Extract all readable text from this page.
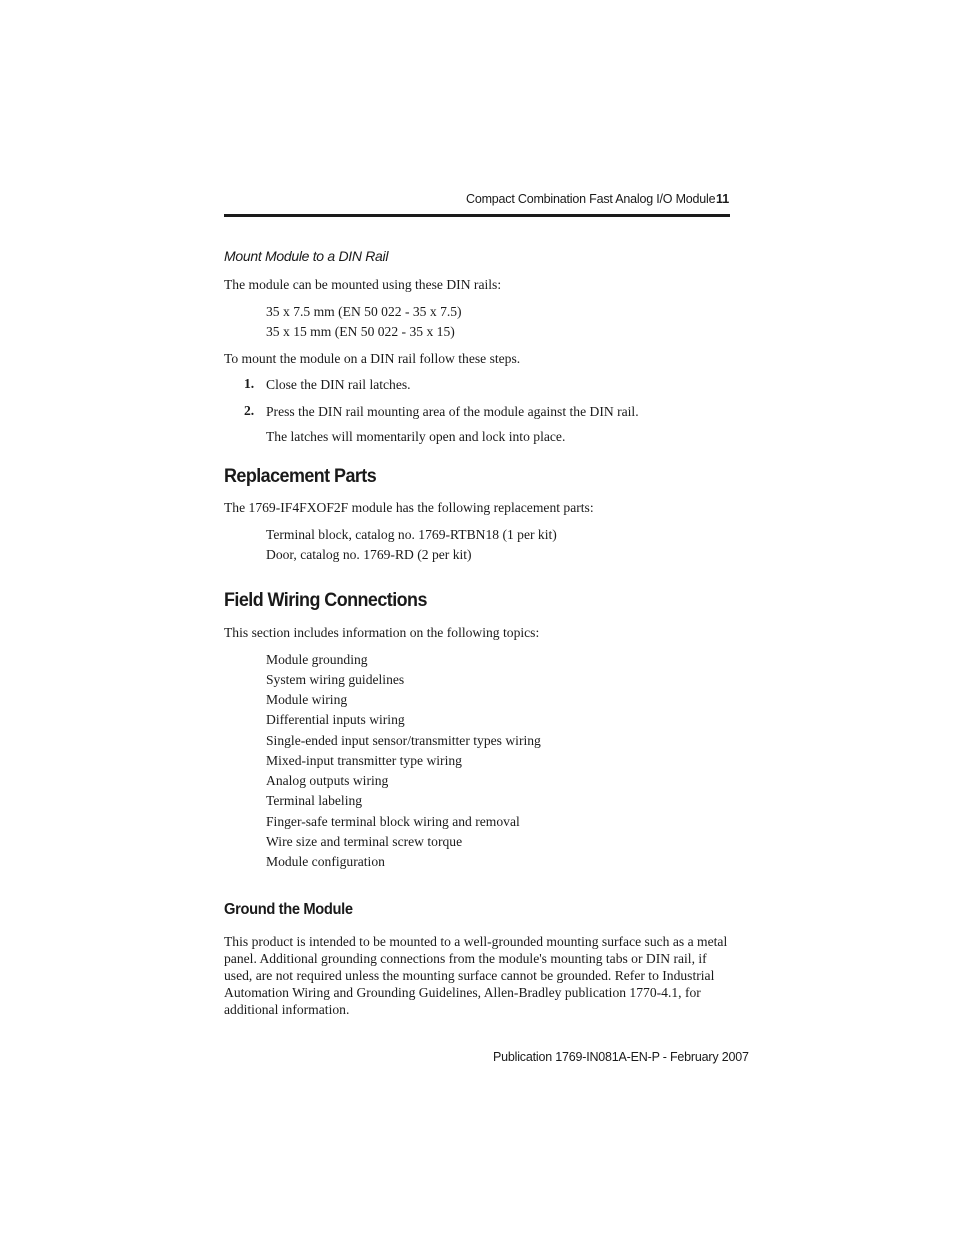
Compact Combination Fast Analog I/O Module 11
Mount Module to a DIN Rail
The module can be mounted using these DIN rails:
35 x 7.5 mm (EN 50 022 - 35 x 7.5)
35 x 15 mm (EN 50 022 - 35 x 15)
To mount the module on a DIN rail follow these steps.
1. Close the DIN rail latches.
2. Press the DIN rail mounting area of the module against the DIN rail.
The latches will momentarily open and lock into place.
Replacement Parts
The 1769-IF4FXOF2F module has the following replacement parts:
Terminal block, catalog no. 1769-RTBN18 (1 per kit)
Door, catalog no. 1769-RD (2 per kit)
Field Wiring Connections
This section includes information on the following topics:
Module grounding
System wiring guidelines
Module wiring
Differential inputs wiring
Single-ended input sensor/transmitter types wiring
Mixed-input transmitter type wiring
Analog outputs wiring
Terminal labeling
Finger-safe terminal block wiring and removal
Wire size and terminal screw torque
Module configuration
Ground the Module
This product is intended to be mounted to a well-grounded mounting surface such as a metal panel. Additional grounding connections from the module's mounting tabs or DIN rail, if used, are not required unless the mounting surface cannot be grounded. Refer to Industrial Automation Wiring and Grounding Guidelines, Allen-Bradley publication 1770-4.1, for additional information.
Publication 1769-IN081A-EN-P - February 2007
